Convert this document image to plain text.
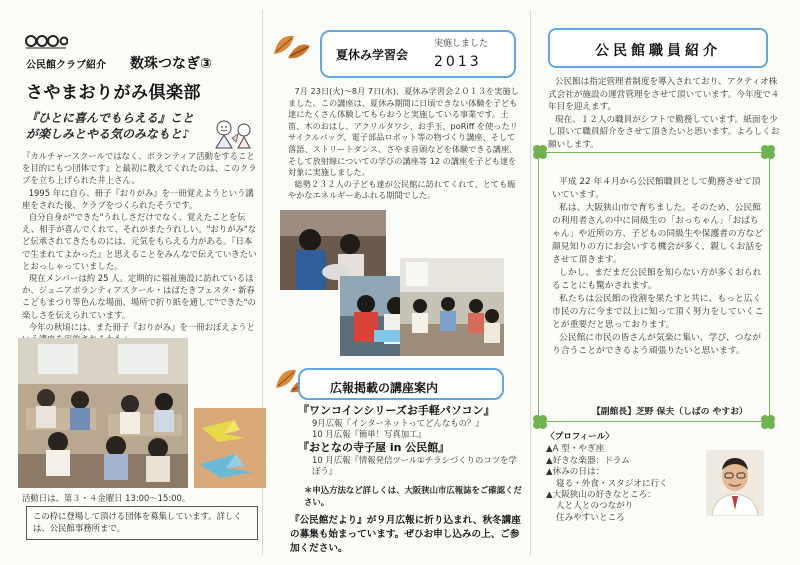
公民館クラブ紹介 数珠つなぎ③
さやまおりがみ倶楽部
『ひとに喜んでもらえる』こと
が楽しみとやる気のみなもと♪

『カルチャースクールではなく、ボランティア活動をすることを目的にもつ団体です』と最初に教えてくれたのは、このクラブを立ち上げられた井上さん。

1995 年に自ら、冊子『おりがみ』を一冊覚えようという講座をされた後、クラブをつくられたそうです。

自分自身が"できた"うれしさだけでなく、覚えたことを伝え、相手が喜んでくれて、それがまたうれしい。"おりがみ"など伝承されてきたものには、元気をもらえる力がある。『日本で生まれてよかった』と思えることをみんなで伝えていきたいとおっしゃっていました。

現在メンバーは約 25 人。定期的に福祉施設に訪れているほか、ジュニアボランティアスクール・はばたきフェスタ・新春こどもまつり等色んな場面、場所で折り紙を通して"できた"の楽しさを伝えられています。

今年の秋頃には、また冊子『おりがみ』を一冊おぼえようと

活動日は、第３・４金曜日 13:00～15:00。

この枠に登場して頂ける団体を募集しています。詳しくは、公民館事務所まで。
夏休み学習会
実施しました
2013

7月 23日(火)～8月 7日(水)、夏休み学習会２０１３を実施しました。この講座は、夏休み期間に日頃できない体験を子ども達にたくさん体験してもらおうと実施している事業です。土笛、木のおはし、アクリルタワシ、お手玉、poRiff を使ったリサイクルバッグ、電子部品ロボット等の物づくり講座、そして落語、ストリートダンス、さやま音頭などを体験できる講座、そして放射線についての学びの講座等 12 の講座を子ども達を対象に実施しました。

総勢２３２人の子ども達が公民館に訪れてくれて、とても賑やかなエネルギーあふれる期間でした。

広報掲載の講座案内
『ワンコインシリーズお手軽パソコン』
9月広報『インターネットってどんなもの？』
10 月広報『簡単！写真加工』
『おとなの寺子屋 in 公民館』
10 月広報『情報発信ツール①チラシづくりのコツを学ぼう』
＊申込方法など詳しくは、大阪狭山市広報誌をご確認ください。
『公民館だより』が９月広報に折り込まれ、秋冬講座の募集も始まっています。ぜひお申し込みの上、ご参加ください。
公民館職員紹介

公民館は指定管理者制度を導入されており、アクティオ株式会社が施設の運営管理をさせて頂いています。今年度で４年目を迎えます。

現在、１２人の職員がシフトで勤務しています。紙面を少し頂いて職員紹介をさせて頂きたいと思います。よろしくお願いします。

平成 22 年４月から公民館職員として勤務させて頂いています。

私は、大阪狭山市で育ちました。そのため、公民館の利用者さんの中に同級生の「おっちゃん」「おばちゃん」や近所の方、子どもの同級生や保護者の方など顔見知りの方にお会いする機会が多く、親しくお話をさせて頂きます。

しかし、まだまだ公民館を知らない方が多くおられることにも驚かされます。

私たちは公民館の役割を果たすと共に、もっと広く市民の方に今まで以上に知って頂く努力をしていくことが重要だと思っております。

公民館に市民の皆さんが気楽に集い、学び、つながり合うことができるよう頑張りたいと思います。

【副館長】芝野 保夫（しばの やすお）
〈プロフィール〉
▲A 型・やぎ座
▲好きな楽器：ドラム
▲休みの日は：
寝る・外食・スタジオに行く
▲大阪狭山の好きなところ：
人と人とのつながり
住みやすいところ
